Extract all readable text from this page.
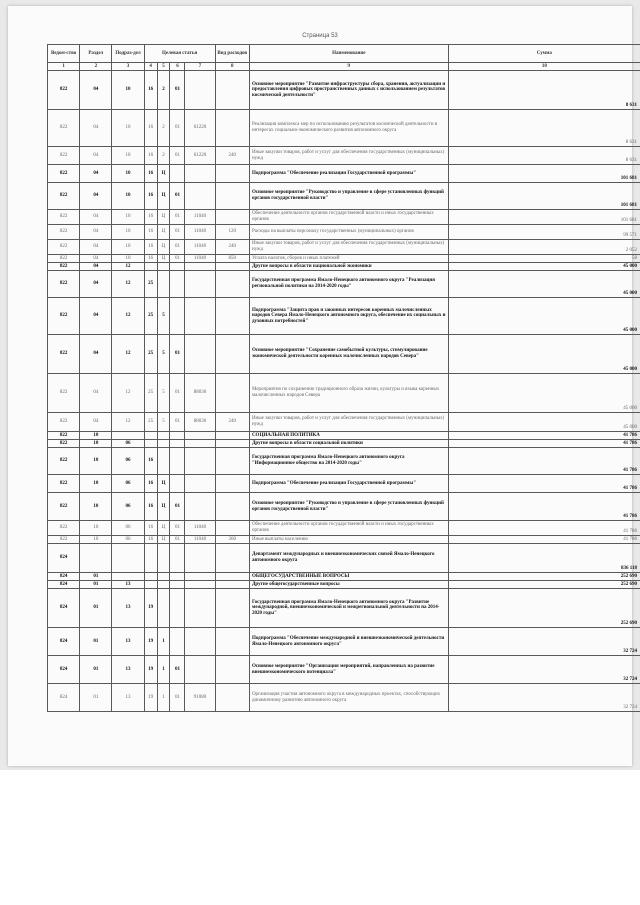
Страница 53
Ведом-ство	Раздел	Подраз-дел	Целевая статья				Вид расходов	Наименование	Сумма
1	2	3	4	5	6	7	8	9	10
822	04	10	16	2	01			Основное мероприятие "Развитие инфраструктуры сбора, хранения, актуализации и предоставления цифровых пространственных данных с использованием результатов космической деятельности"	8 631
822	04	10	16	2	01	61220		Реализация комплекса мер по использованию результатов космической деятельности в интересах социально-экономического развития автономного округа	8 631
822	04	10	16	2	01	61220	240	Иные закупки товаров, работ и услуг для обеспечения государственных (муниципальных) нужд	8 631
822	04	10	16	Ц				Подпрограмма "Обеспечение реализации Государственной программы"	101 681
822	04	10	16	Ц	01			Основное мероприятие "Руководство и управление в сфере установленных функций органов государственной власти"	101 681
822	04	10	16	Ц	01	11040		Обеспечение деятельности органов государственной власти и иных государственных органов	101 681
822	04	10	16	Ц	01	11040	120	Расходы на выплаты персоналу государственных (муниципальных) органов	99 571
822	04	10	16	Ц	01	11040	240	Иные закупки товаров, работ и услуг для обеспечения государственных (муниципальных) нужд	2 052
822	04	10	16	Ц	01	11040	850	Уплата налогов, сборов и иных платежей	58
822	04	12						Другие вопросы в области национальной экономики	45 000
822	04	12	25					Государственная программа Ямало-Ненецкого автономного округа "Реализация региональной политики на 2014-2020 годы"	45 000
822	04	12	25	5				Подпрограмма "Защита прав и законных интересов коренных малочисленных народов Севера Ямало-Ненецкого автономного округа, обеспечение их социальных и духовных потребностей"	45 000
822	04	12	25	5	01			Основное мероприятие "Сохранение самобытной культуры, стимулирование экономической деятельности коренных малочисленных народов Севера"	45 000
822	04	12	25	5	01	88030		Мероприятия по сохранению традиционного образа жизни, культуры и языка коренных малочисленных народов Севера	45 000
822	04	12	25	5	01	88030	240	Иные закупки товаров, работ и услуг для обеспечения государственных (муниципальных) нужд	45 000
822	10							СОЦИАЛЬНАЯ ПОЛИТИКА	41 786
822	10	06						Другие вопросы в области социальной политики	41 786
822	10	06	16					Государственная программа Ямало-Ненецкого автономного округа "Информационное общество на 2014-2020 годы"	41 786
822	10	06	16	Ц				Подпрограмма "Обеспечение реализации Государственной программы"	41 786
822	10	06	16	Ц	01			Основное мероприятие "Руководство и управление в сфере установленных функций органов государственной власти"	41 786
822	10	06	16	Ц	01	11040		Обеспечение деятельности органов государственной власти и иных государственных органов	41 786
822	10	06	16	Ц	01	11040	360	Иные выплаты населению	41 786
824								Департамент международных и внешнеэкономических связей Ямало-Ненецкого автономного округа	836 118
824	01							ОБЩЕГОСУДАРСТВЕННЫЕ ВОПРОСЫ	252 690
824	01	13						Другие общегосударственные вопросы	252 690
824	01	13	19					Государственная программа Ямало-Ненецкого автономного округа "Развитие международной, внешнеэкономической и межрегиональной деятельности на 2014-2020 годы"	252 690
824	01	13	19	1				Подпрограмма "Обеспечение международной и внешнеэкономической деятельности Ямало-Ненецкого автономного округа"	32 724
824	01	13	19	1	01			Основное мероприятие "Организация мероприятий, направленных на развитие внешнеэкономического потенциала"	32 724
824	01	13	19	1	01	91080		Организация участия автономного округа в международных проектах, способствующих динамичному развитию автономного округа	32 724
